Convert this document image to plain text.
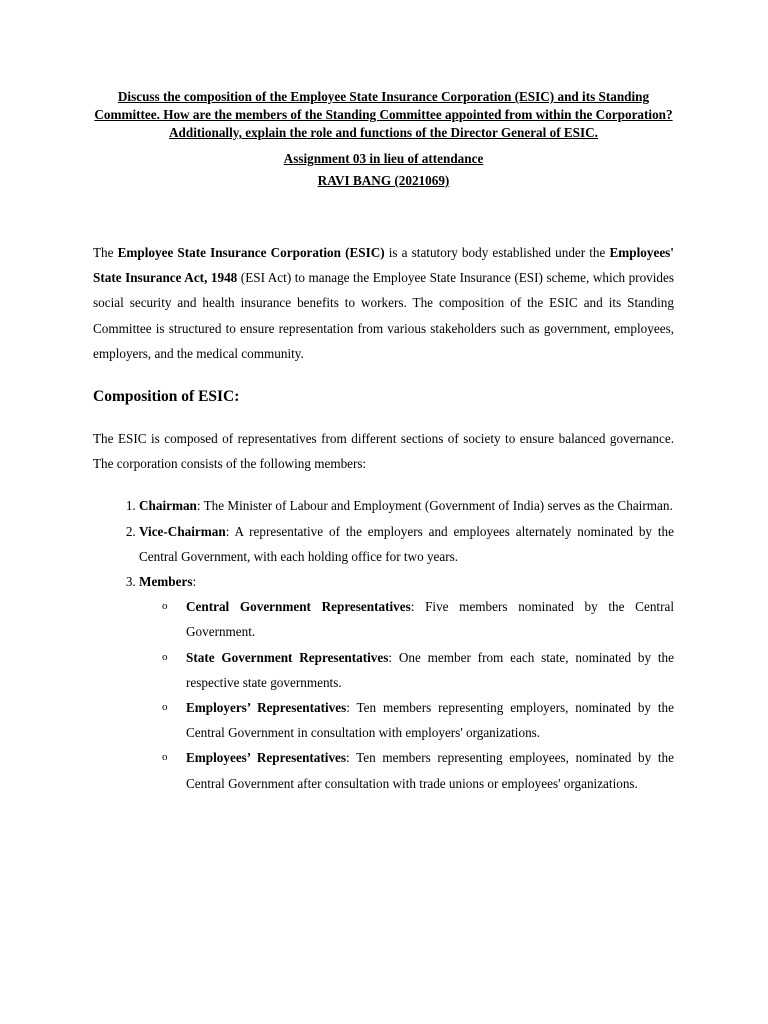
Discuss the composition of the Employee State Insurance Corporation (ESIC) and its Standing Committee. How are the members of the Standing Committee appointed from within the Corporation? Additionally, explain the role and functions of the Director General of ESIC.

Assignment 03 in lieu of attendance

RAVI BANG (2021069)

The Employee State Insurance Corporation (ESIC) is a statutory body established under the Employees' State Insurance Act, 1948 (ESI Act) to manage the Employee State Insurance (ESI) scheme, which provides social security and health insurance benefits to workers. The composition of the ESIC and its Standing Committee is structured to ensure representation from various stakeholders such as government, employees, employers, and the medical community.

Composition of ESIC:

The ESIC is composed of representatives from different sections of society to ensure balanced governance. The corporation consists of the following members:

1. Chairman: The Minister of Labour and Employment (Government of India) serves as the Chairman.
2. Vice-Chairman: A representative of the employers and employees alternately nominated by the Central Government, with each holding office for two years.
3. Members:
o Central Government Representatives: Five members nominated by the Central Government.
o State Government Representatives: One member from each state, nominated by the respective state governments.
o Employers’ Representatives: Ten members representing employers, nominated by the Central Government in consultation with employers' organizations.
o Employees’ Representatives: Ten members representing employees, nominated by the Central Government after consultation with trade unions or employees' organizations.
